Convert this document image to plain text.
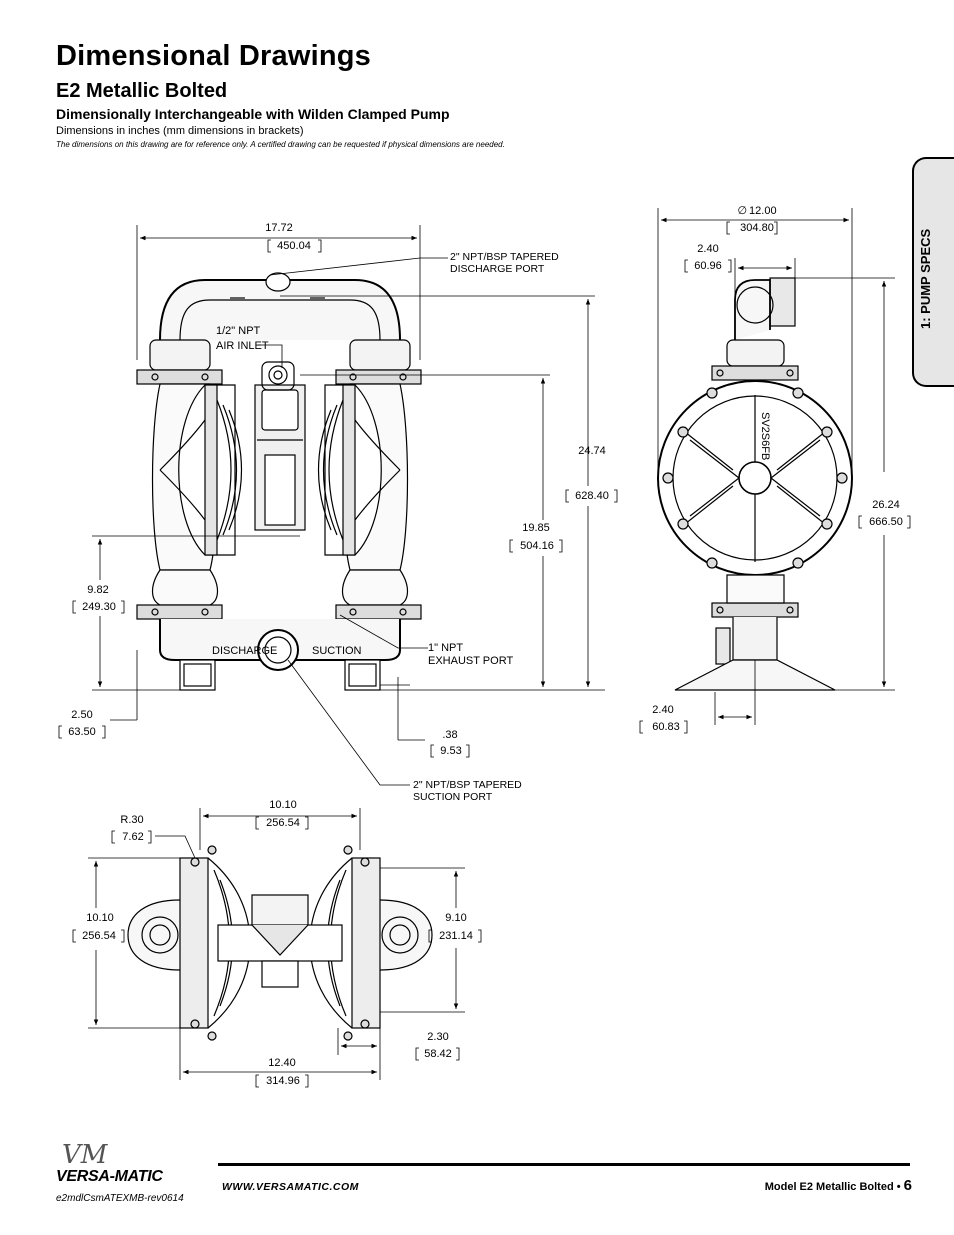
Dimensional Drawings
E2 Metallic Bolted
Dimensionally Interchangeable with Wilden Clamped Pump
Dimensions in inches (mm dimensions in brackets)
The dimensions on this drawing are for reference only. A certified drawing can be requested if physical dimensions are needed.
1: PUMP SPECS
DISCHARGE	SUCTION
17.72
450.04
2" NPT/BSP TAPERED
DISCHARGE PORT
1/2" NPT
AIR INLET
24.74
628.40
19.85
504.16
9.82
249.30
1" NPT
EXHAUST PORT
2.50
63.50	.38
9.53
2" NPT/BSP TAPERED
SUCTION PORT
SV2S6FB
∅ 12.00
304.80
2.40
60.96
26.24
666.50
2.40
60.83
R.30
7.62
10.10
256.54
10.10
256.54
9.10
231.14
2.30
58.42
12.40
314.96
VM
VERSA-MATIC
WWW.VERSAMATIC.COM	Model E2 Metallic Bolted • 6
e2mdlCsmATEXMB-rev0614
